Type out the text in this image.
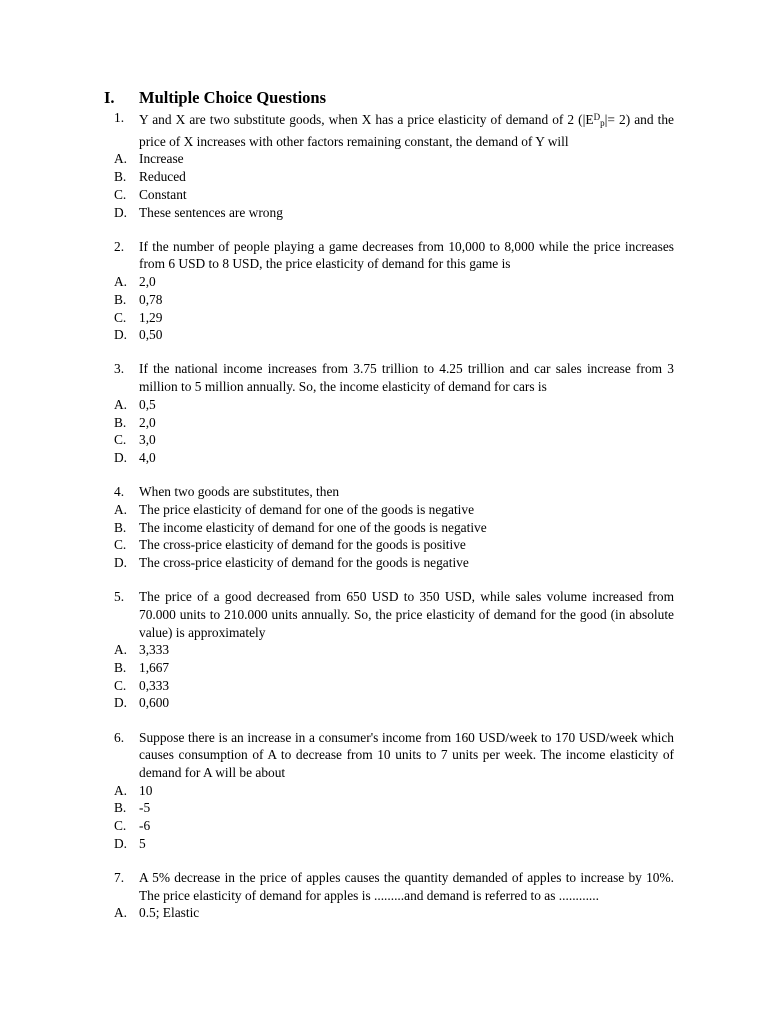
I. Multiple Choice Questions
1. Y and X are two substitute goods, when X has a price elasticity of demand of 2 $(|E^D_p|= 2)$ and the price of X increases with other factors remaining constant, the demand of Y will
A. Increase
B. Reduced
C. Constant
D. These sentences are wrong
2. If the number of people playing a game decreases from 10,000 to 8,000 while the price increases from 6 USD to 8 USD, the price elasticity of demand for this game is
A. 2,0
B. 0,78
C. 1,29
D. 0,50
3. If the national income increases from 3.75 trillion to 4.25 trillion and car sales increase from 3 million to 5 million annually. So, the income elasticity of demand for cars is
A. 0,5
B. 2,0
C. 3,0
D. 4,0
4. When two goods are substitutes, then
A. The price elasticity of demand for one of the goods is negative
B. The income elasticity of demand for one of the goods is negative
C. The cross-price elasticity of demand for the goods is positive
D. The cross-price elasticity of demand for the goods is negative
5. The price of a good decreased from 650 USD to 350 USD, while sales volume increased from 70.000 units to 210.000 units annually. So, the price elasticity of demand for the good (in absolute value) is approximately
A. 3,333
B. 1,667
C. 0,333
D. 0,600
6. Suppose there is an increase in a consumer's income from 160 USD/week to 170 USD/week which causes consumption of A to decrease from 10 units to 7 units per week. The income elasticity of demand for A will be about
A. 10
B. -5
C. -6
D. 5
7. A 5% decrease in the price of apples causes the quantity demanded of apples to increase by 10%. The price elasticity of demand for apples is .........and demand is referred to as ............
A. 0.5; Elastic
